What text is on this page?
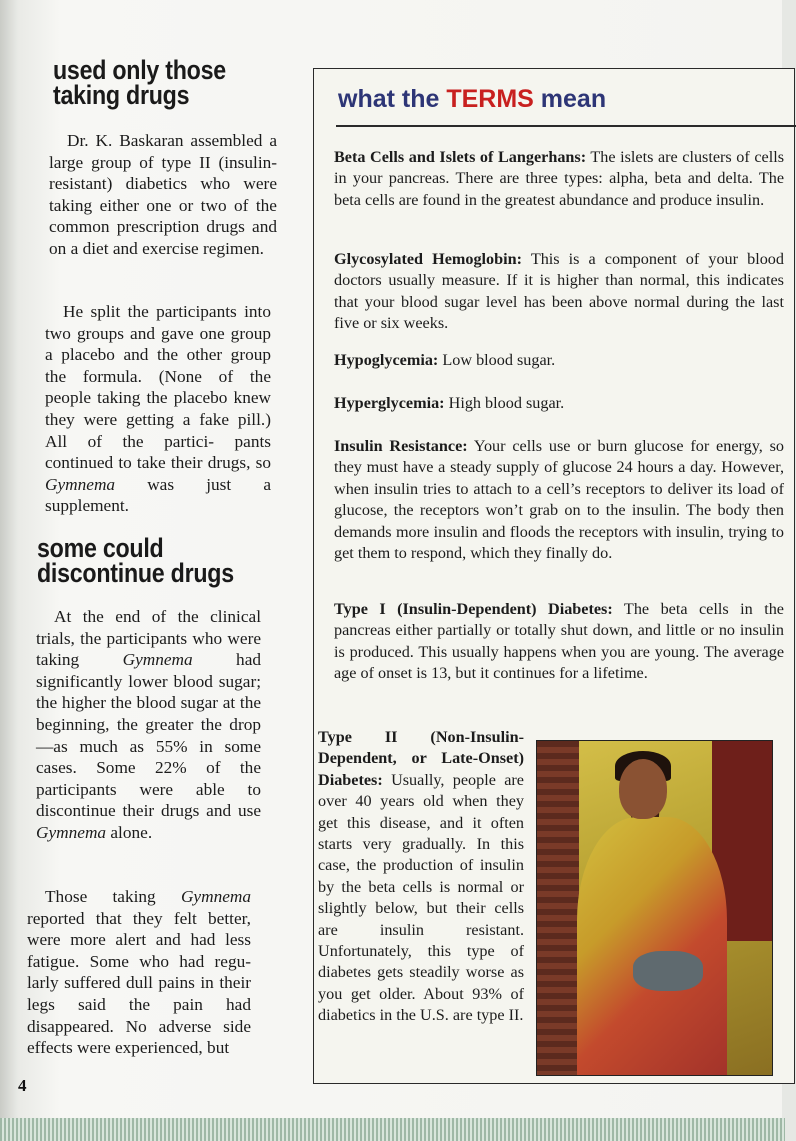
used only those
taking drugs

Dr. K. Baskaran assembled a large group of type II (insulin-resistant) diabetics who were taking either one or two of the common prescription drugs and on a diet and exercise regimen.

He split the participants into two groups and gave one group a placebo and the other group the formula. (None of the people taking the placebo knew they were getting a fake pill.) All of the partici- pants continued to take their drugs, so Gymnema was just a supplement.

some could
discontinue drugs

At the end of the clinical trials, the participants who were taking Gymnema had significantly lower blood sugar; the higher the blood sugar at the beginning, the greater the drop—as much as 55% in some cases. Some 22% of the participants were able to discontinue their drugs and use Gymnema alone.

Those taking Gymnema reported that they felt better, were more alert and had less fatigue. Some who had regu- larly suffered dull pains in their legs said the pain had disappeared. No adverse side effects were experienced, but

4
what the TERMS mean

Beta Cells and Islets of Langerhans: The islets are clusters of cells in your pancreas. There are three types: alpha, beta and delta. The beta cells are found in the greatest abundance and produce insulin.

Glycosylated Hemoglobin: This is a component of your blood doctors usually measure. If it is higher than normal, this indicates that your blood sugar level has been above normal during the last five or six weeks.

Hypoglycemia: Low blood sugar.

Hyperglycemia: High blood sugar.

Insulin Resistance: Your cells use or burn glucose for energy, so they must have a steady supply of glucose 24 hours a day. However, when insulin tries to attach to a cell’s receptors to deliver its load of glucose, the receptors won’t grab on to the insulin. The body then demands more insulin and floods the receptors with insulin, trying to get them to respond, which they finally do.

Type I (Insulin-Dependent) Diabetes: The beta cells in the pancreas either partially or totally shut down, and little or no insulin is produced. This usually happens when you are young. The average age of onset is 13, but it continues for a lifetime.

Type II (Non-Insulin-Dependent, or Late-Onset) Diabetes: Usually, people are over 40 years old when they get this disease, and it often starts very gradually. In this case, the production of insulin by the beta cells is normal or slightly below, but their cells are insulin resistant. Unfortunately, this type of diabetes gets steadily worse as you get older. About 93% of diabetics in the U.S. are type II.
